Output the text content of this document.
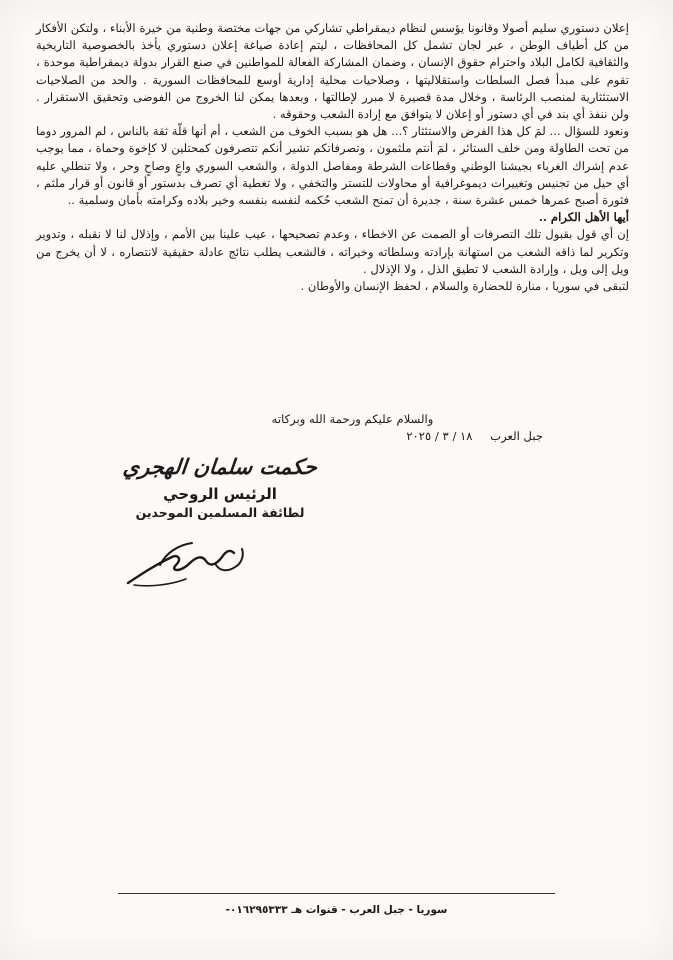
إعلان دستوري سليم أصولا وقانونا يؤسس لنظام ديمقراطي تشاركي من جهات مختصة وطنية من خيرة الأبناء ، ولتكن الأفكار من كل أطياف الوطن ، عبر لجان تشمل كل المحافظات ، ليتم إعادة صياغة إعلان دستوري يأخذ بالخصوصية التاريخية والثقافية لكامل البلاد واحترام حقوق الإنسان ، وضمان المشاركة الفعالة للمواطنين في صنع القرار بدولة ديمقراطية موحدة ، تقوم على مبدأ فصل السلطات واستقلاليتها ، وصلاحيات محلية إدارية أوسع للمحافظات السورية . والحد من الصلاحيات الاستئثارية لمنصب الرئاسة ، وخلال مدة قصيرة لا مبرر لإطالتها ، وبعدها يمكن لنا الخروج من الفوضى وتحقيق الاستقرار . ولن ننفذ أي بند في أي دستور أو إعلان لا يتوافق مع إرادة الشعب وحقوقه .

ونعود للسؤال ... لمَ كل هذا الفرض والاستئثار ؟... هل هو بسبب الخوف من الشعب ، أم أنها قلّة ثقة بالناس ، لم المرور دوما من تحت الطاولة ومن خلف الستائر ، لمَ أنتم ملثمون ، وتصرفاتكم تشير أنكم تتصرفون كمحتلين لا كإخوة وحماة ، مما يوجب عدم إشراك الغرباء بجيشنا الوطني وقطاعات الشرطة ومفاصل الدولة ، والشعب السوري واعٍ وصاحٍ وحر ، ولا تنطلي عليه أي حيل من تجنيس وتغييرات ديموغرافية أو محاولات للتستر والتخفي ، ولا تغطية أي تصرف بدستور أو قانون أو قرار ملثم ، فثورة أصبح عمرها خمس عشرة سنة ، جديرة أن تمنح الشعب حُكمه لنفسه بنفسه وخير بلاده وكرامته بأمان وسلمية ..

أيها الأهل الكرام ..

إن أي قول بقبول تلك التصرفات أو الصمت عن الاخطاء ، وعدم تصحيحها ، عيب علينا بين الأمم ، وإذلال لنا لا نقبله ، وتدوير وتكرير لما ذاقه الشعب من استهانة بإرادته وسلطاته وخيراته ، فالشعب يطلب نتائج عادلة حقيقية لانتصاره ، لا أن يخرج من ويل إلى ويل ، وإرادة الشعب لا تطيق الذل ، ولا الإذلال .

لتبقى في سوريا ، منارة للحضارة والسلام ، لحفظ الإنسان والأوطان .

والسلام عليكم ورحمة الله وبركاته
جبل العرب ١٨ / ٣ / ٢٠٢٥
حكمت سلمان الهجري
الرئيس الروحي
لطائفة المسلمين الموحدين
سوريا - جبل العرب - قنوات هـ ٠١٦٢٩٥٣٣٣-
